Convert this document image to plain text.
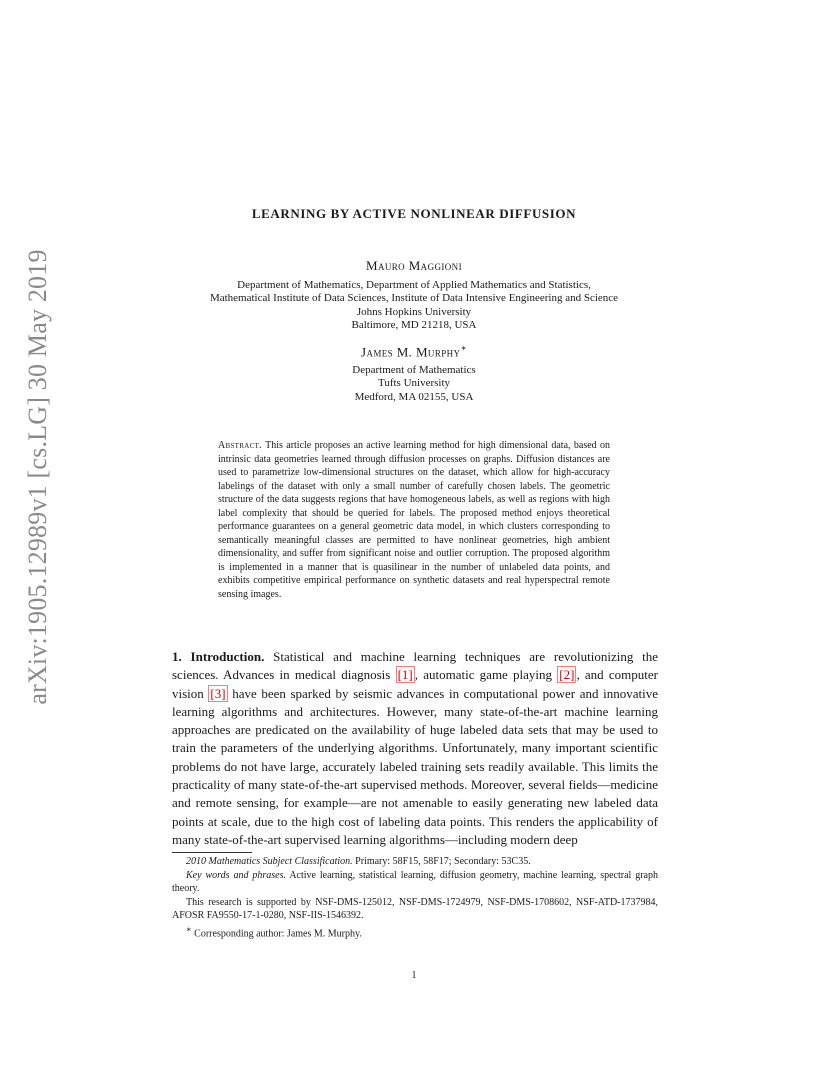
arXiv:1905.12989v1 [cs.LG] 30 May 2019
LEARNING BY ACTIVE NONLINEAR DIFFUSION
Mauro Maggioni
Department of Mathematics, Department of Applied Mathematics and Statistics,
Mathematical Institute of Data Sciences, Institute of Data Intensive Engineering and Science
Johns Hopkins University
Baltimore, MD 21218, USA
James M. Murphy∗
Department of Mathematics
Tufts University
Medford, MA 02155, USA
Abstract. This article proposes an active learning method for high dimensional data, based on intrinsic data geometries learned through diffusion processes on graphs. Diffusion distances are used to parametrize low-dimensional structures on the dataset, which allow for high-accuracy labelings of the dataset with only a small number of carefully chosen labels. The geometric structure of the data suggests regions that have homogeneous labels, as well as regions with high label complexity that should be queried for labels. The proposed method enjoys theoretical performance guarantees on a general geometric data model, in which clusters corresponding to semantically meaningful classes are permitted to have nonlinear geometries, high ambient dimensionality, and suffer from significant noise and outlier corruption. The proposed algorithm is implemented in a manner that is quasilinear in the number of unlabeled data points, and exhibits competitive empirical performance on synthetic datasets and real hyperspectral remote sensing images.
1. Introduction. Statistical and machine learning techniques are revolutionizing the sciences. Advances in medical diagnosis [1] , automatic game playing [2] , and computer vision [3] have been sparked by seismic advances in computational power and innovative learning algorithms and architectures. However, many state-of-the-art machine learning approaches are predicated on the availability of huge labeled data sets that may be used to train the parameters of the underlying algorithms. Unfortunately, many important scientific problems do not have large, accurately labeled training sets readily available. This limits the practicality of many state-of-the-art supervised methods. Moreover, several fields—medicine and remote sensing, for example—are not amenable to easily generating new labeled data points at scale, due to the high cost of labeling data points. This renders the applicability of many state-of-the-art supervised learning algorithms—including modern deep

2010 Mathematics Subject Classification. Primary: 58F15, 58F17; Secondary: 53C35.

Key words and phrases. Active learning, statistical learning, diffusion geometry, machine learning, spectral graph theory.

This research is supported by NSF-DMS-125012, NSF-DMS-1724979, NSF-DMS-1708602, NSF-ATD-1737984, AFOSR FA9550-17-1-0280, NSF-IIS-1546392.

∗ Corresponding author: James M. Murphy.

1
